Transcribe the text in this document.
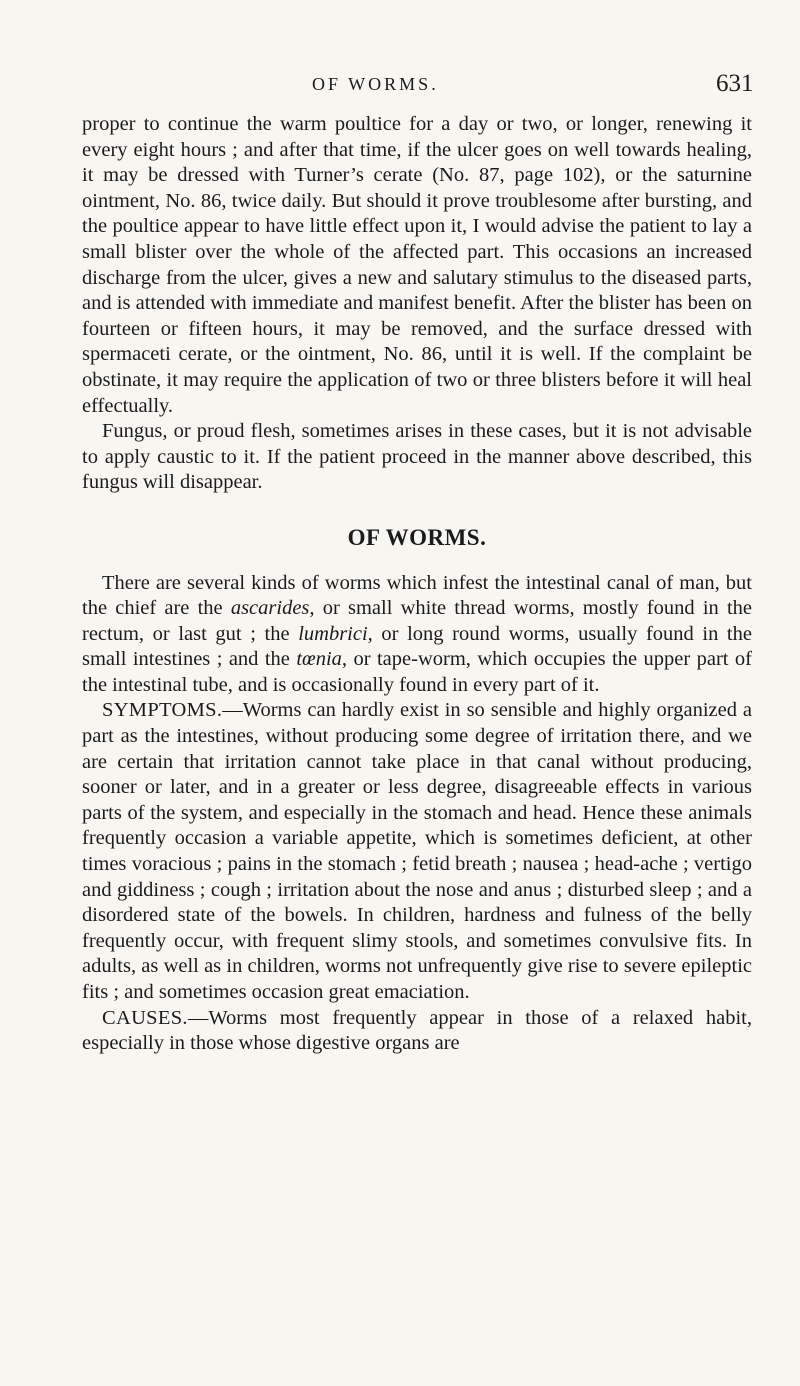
OF WORMS.	631

proper to continue the warm poultice for a day or two, or longer, renewing it every eight hours ; and after that time, if the ulcer goes on well towards healing, it may be dressed with Turner’s cerate (No. 87, page 102), or the saturnine ointment, No. 86, twice daily. But should it prove troublesome after bursting, and the poultice appear to have little effect upon it, I would advise the patient to lay a small blister over the whole of the affected part. This occasions an increased discharge from the ulcer, gives a new and salutary stimulus to the diseased parts, and is attended with immediate and manifest benefit. After the blister has been on fourteen or fifteen hours, it may be removed, and the surface dressed with spermaceti cerate, or the ointment, No. 86, until it is well. If the complaint be obstinate, it may require the application of two or three blisters before it will heal effectually.

Fungus, or proud flesh, sometimes arises in these cases, but it is not advisable to apply caustic to it. If the patient proceed in the manner above described, this fungus will disappear.

OF WORMS.

There are several kinds of worms which infest the intestinal canal of man, but the chief are the ascarides, or small white thread worms, mostly found in the rectum, or last gut ; the lumbrici, or long round worms, usually found in the small intestines ; and the tœnia, or tape-worm, which occupies the upper part of the intestinal tube, and is occasionally found in every part of it.

SYMPTOMS.—Worms can hardly exist in so sensible and highly organized a part as the intestines, without producing some degree of irritation there, and we are certain that irritation cannot take place in that canal without producing, sooner or later, and in a greater or less degree, disagreeable effects in various parts of the system, and especially in the stomach and head. Hence these animals frequently occasion a variable appetite, which is sometimes deficient, at other times voracious ; pains in the stomach ; fetid breath ; nausea ; head-ache ; vertigo and giddiness ; cough ; irritation about the nose and anus ; disturbed sleep ; and a disordered state of the bowels. In children, hardness and fulness of the belly frequently occur, with frequent slimy stools, and sometimes convulsive fits. In adults, as well as in children, worms not unfrequently give rise to severe epileptic fits ; and sometimes occasion great emaciation.

CAUSES.—Worms most frequently appear in those of a relaxed habit, especially in those whose digestive organs are
